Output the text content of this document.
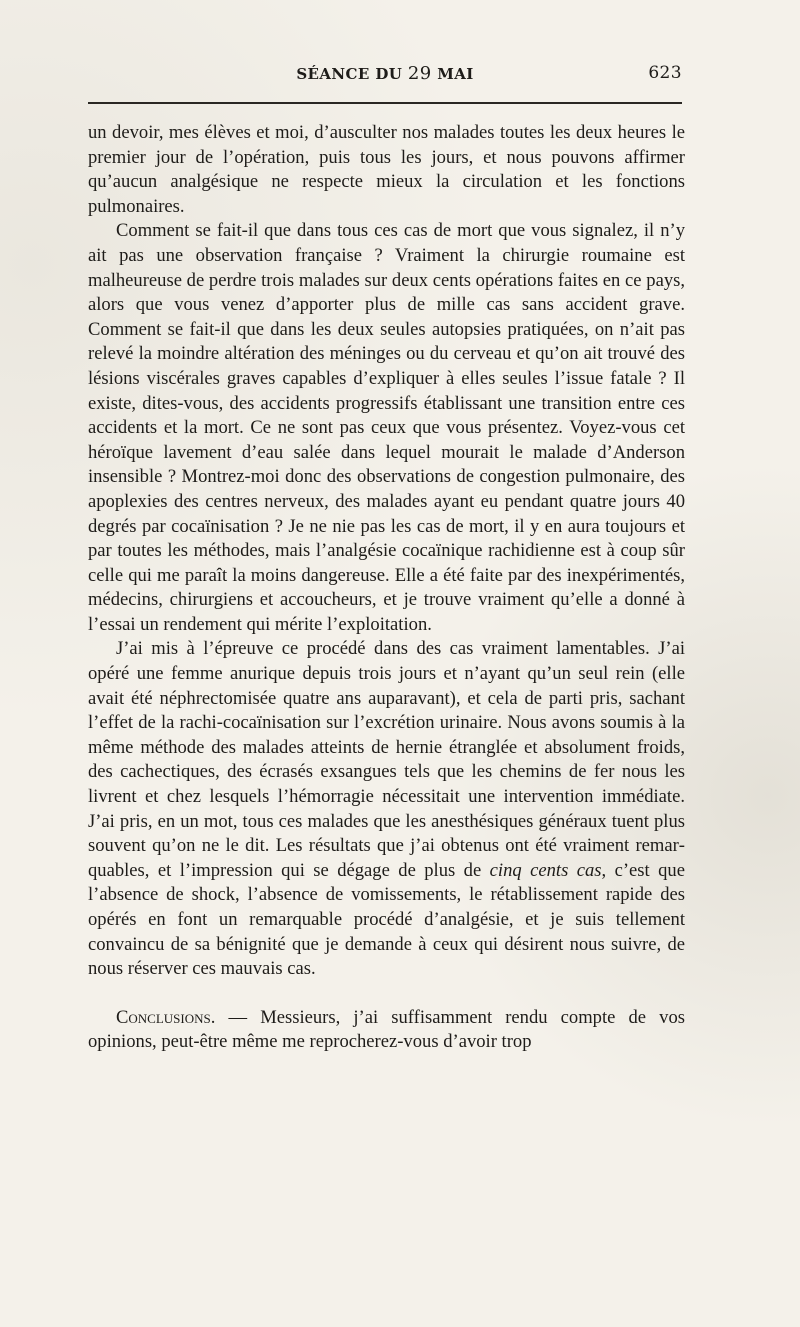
SÉANCE DU 29 MAI	623

un devoir, mes élèves et moi, d’ausculter nos malades toutes les deux heures le premier jour de l’opération, puis tous les jours, et nous pouvons affirmer qu’aucun analgésique ne respecte mieux la circulation et les fonctions pulmonaires.

Comment se fait-il que dans tous ces cas de mort que vous signalez, il n’y ait pas une observation française ? Vraiment la chirurgie roumaine est malheureuse de perdre trois malades sur deux cents opérations faites en ce pays, alors que vous venez d’apporter plus de mille cas sans accident grave. Comment se fait-il que dans les deux seules autopsies pratiquées, on n’ait pas relevé la moindre altération des méninges ou du cerveau et qu’on ait trouvé des lésions viscérales graves capables d’expliquer à elles seules l’issue fatale ? Il existe, dites-vous, des accidents progressifs établissant une transition entre ces accidents et la mort. Ce ne sont pas ceux que vous présentez. Voyez-vous cet héroïque lavement d’eau salée dans lequel mourait le malade d’Anderson insensible ? Montrez-moi donc des observations de congestion pulmonaire, des apoplexies des centres nerveux, des malades ayant eu pendant quatre jours 40 degrés par cocaïnisation ? Je ne nie pas les cas de mort, il y en aura toujours et par toutes les méthodes, mais l’analgésie cocaïnique rachidienne est à coup sûr celle qui me paraît la moins dangereuse. Elle a été faite par des inexpérimentés, médecins, chirurgiens et accoucheurs, et je trouve vraiment qu’elle a donné à l’essai un rendement qui mérite l’exploitation.

J’ai mis à l’épreuve ce procédé dans des cas vraiment lamentables. J’ai opéré une femme anurique depuis trois jours et n’ayant qu’un seul rein (elle avait été néphrectomisée quatre ans auparavant), et cela de parti pris, sachant l’effet de la rachi-cocaïnisation sur l’excrétion urinaire. Nous avons soumis à la même méthode des malades atteints de hernie étranglée et absolument froids, des cachectiques, des écrasés exsangues tels que les chemins de fer nous les livrent et chez lesquels l’hémorragie nécessitait une intervention immédiate. J’ai pris, en un mot, tous ces malades que les anesthésiques généraux tuent plus souvent qu’on ne le dit. Les résultats que j’ai obtenus ont été vraiment remarquables, et l’impression qui se dégage de plus de cinq cents cas, c’est que l’absence de shock, l’absence de vomissements, le rétablissement rapide des opérés en font un remarquable procédé d’analgésie, et je suis tellement convaincu de sa bénignité que je demande à ceux qui désirent nous suivre, de nous réserver ces mauvais cas.

Conclusions. — Messieurs, j’ai suffisamment rendu compte de vos opinions, peut-être même me reprocherez-vous d’avoir trop
